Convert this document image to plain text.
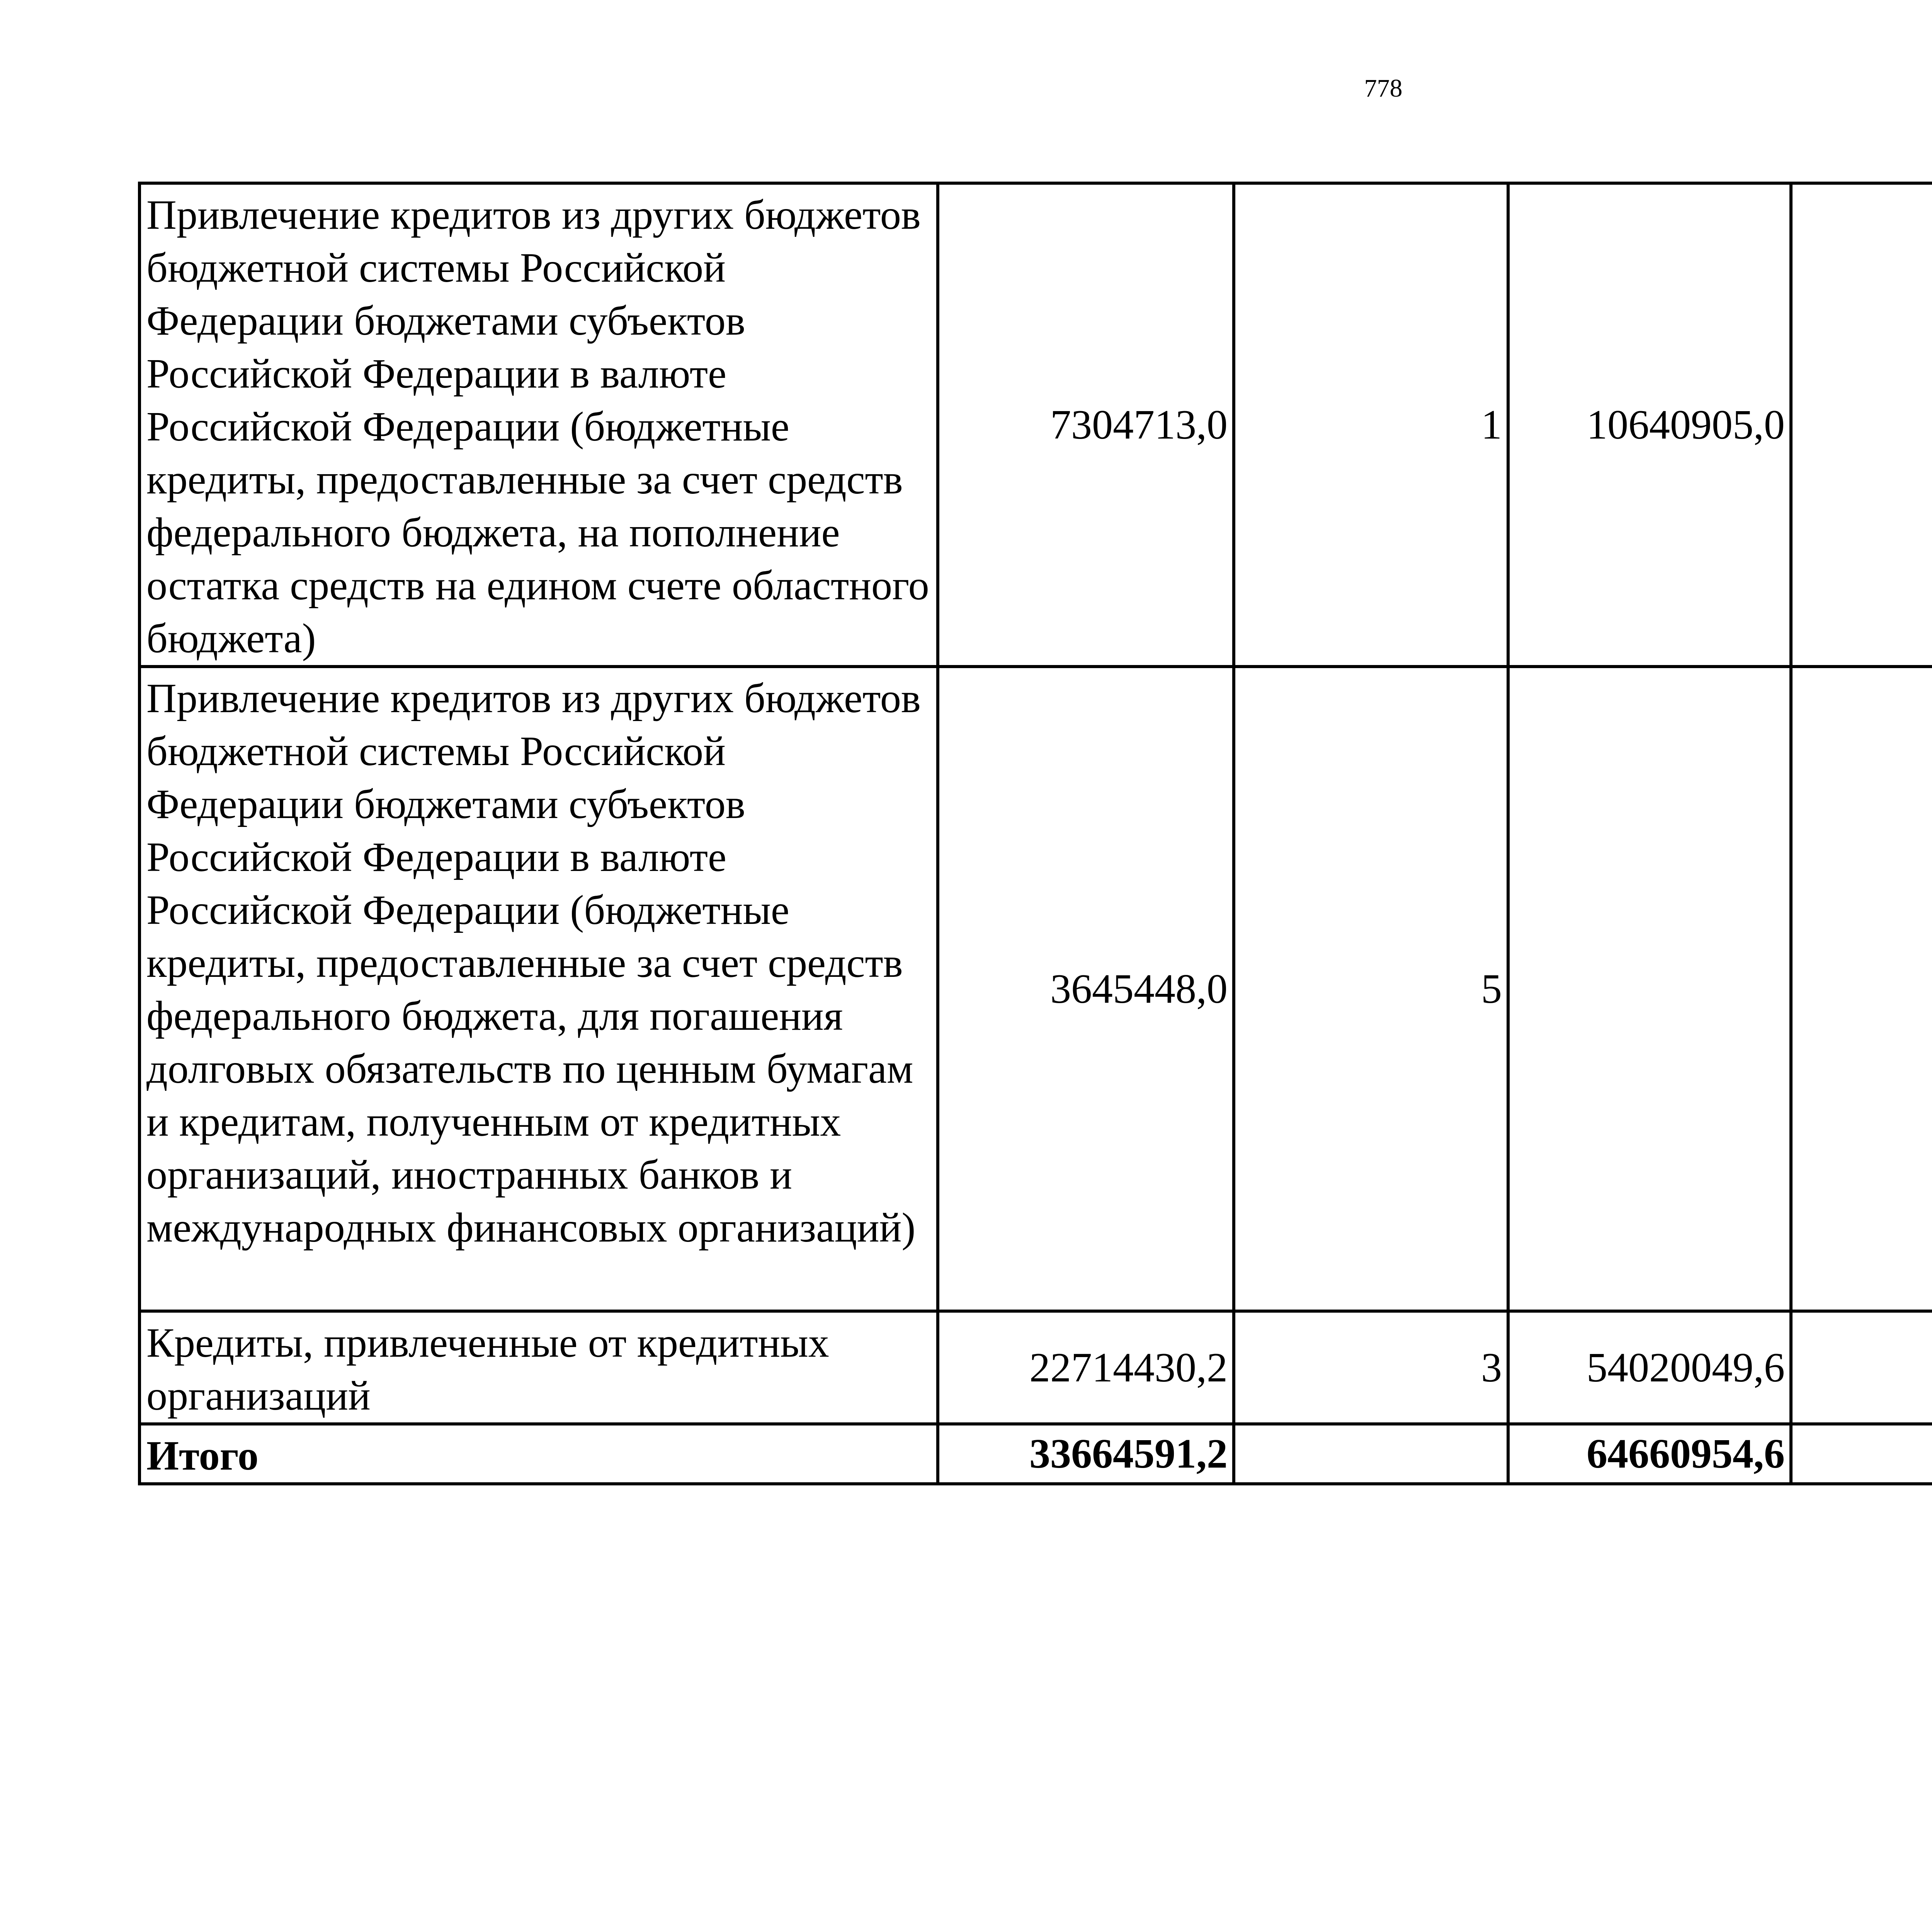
778
Привлечение кредитов из других бюджетов бюджетной системы Российской Федерации бюджетами субъектов Российской Федерации в валюте Российской Федерации (бюджетные кредиты, предоставленные за счет средств федерального бюджета, на пополнение остатка средств на едином счете областного бюджета)	7304713,0	1	10640905,0			
Привлечение кредитов из других бюджетов бюджетной системы Российской Федерации бюджетами субъектов Российской Федерации в валюте Российской Федерации (бюджетные кредиты, предоставленные за счет средств федерального бюджета, для погашения долговых обязательств по ценным бумагам и кредитам, полученным от кредитных организаций, иностранных банков и международных финансовых организаций)	3645448,0	5				
Кредиты, привлеченные от кредитных организаций	22714430,2	3	54020049,6			
Итого	33664591,2		64660954,6			
